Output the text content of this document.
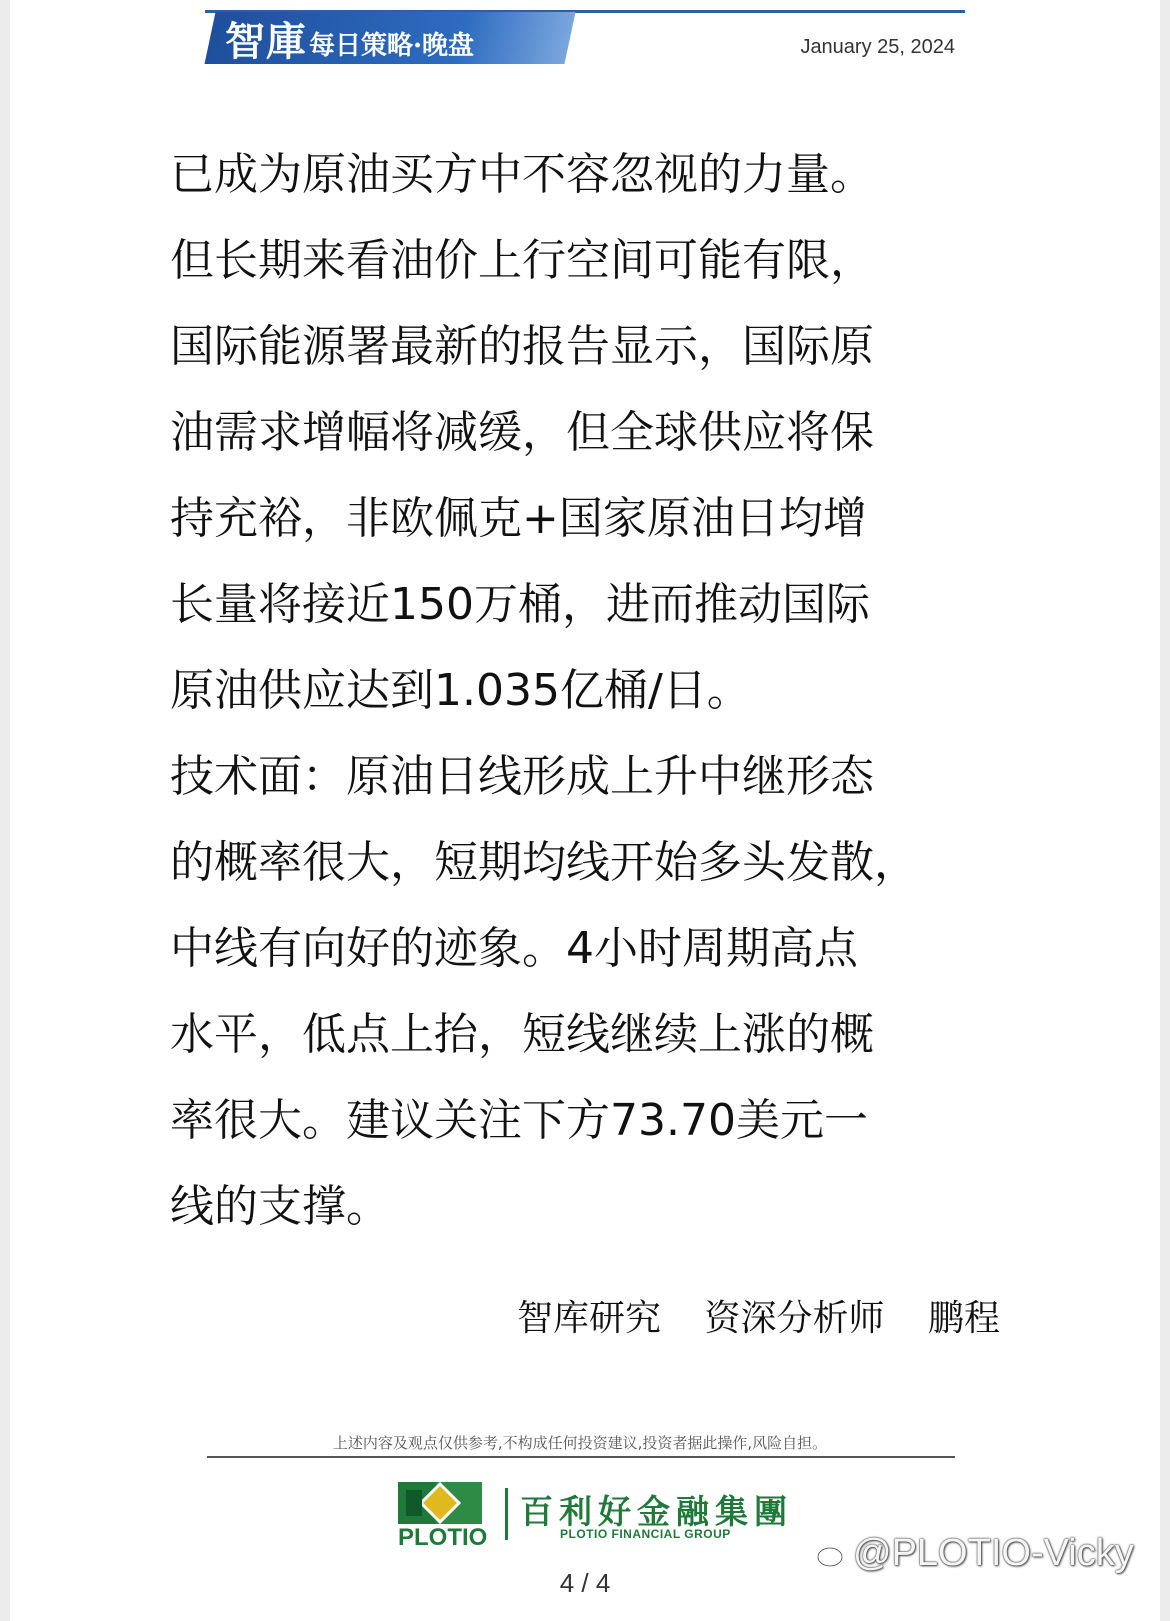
智庫 每日策略·晚盘	January 25, 2024

已成为原油买方中不容忽视的力量。

但长期来看油价上行空间可能有限，

国际能源署最新的报告显示，国际原

油需求增幅将减缓，但全球供应将保

持充裕，非欧佩克+国家原油日均增

长量将接近150万桶，进而推动国际

原油供应达到1.035亿桶/日。

技术面：原油日线形成上升中继形态

的概率很大，短期均线开始多头发散，

中线有向好的迹象。4小时周期高点

水平，低点上抬，短线继续上涨的概

率很大。建议关注下方73.70美元一

线的支撑。

智库研究 资深分析师 鹏程
上述内容及观点仅供参考,不构成任何投资建议,投资者据此操作,风险自担。
PLOTIO
百利好金融集團
PLOTIO FINANCIAL GROUP
4 / 4
@PLOTIO-Vicky
